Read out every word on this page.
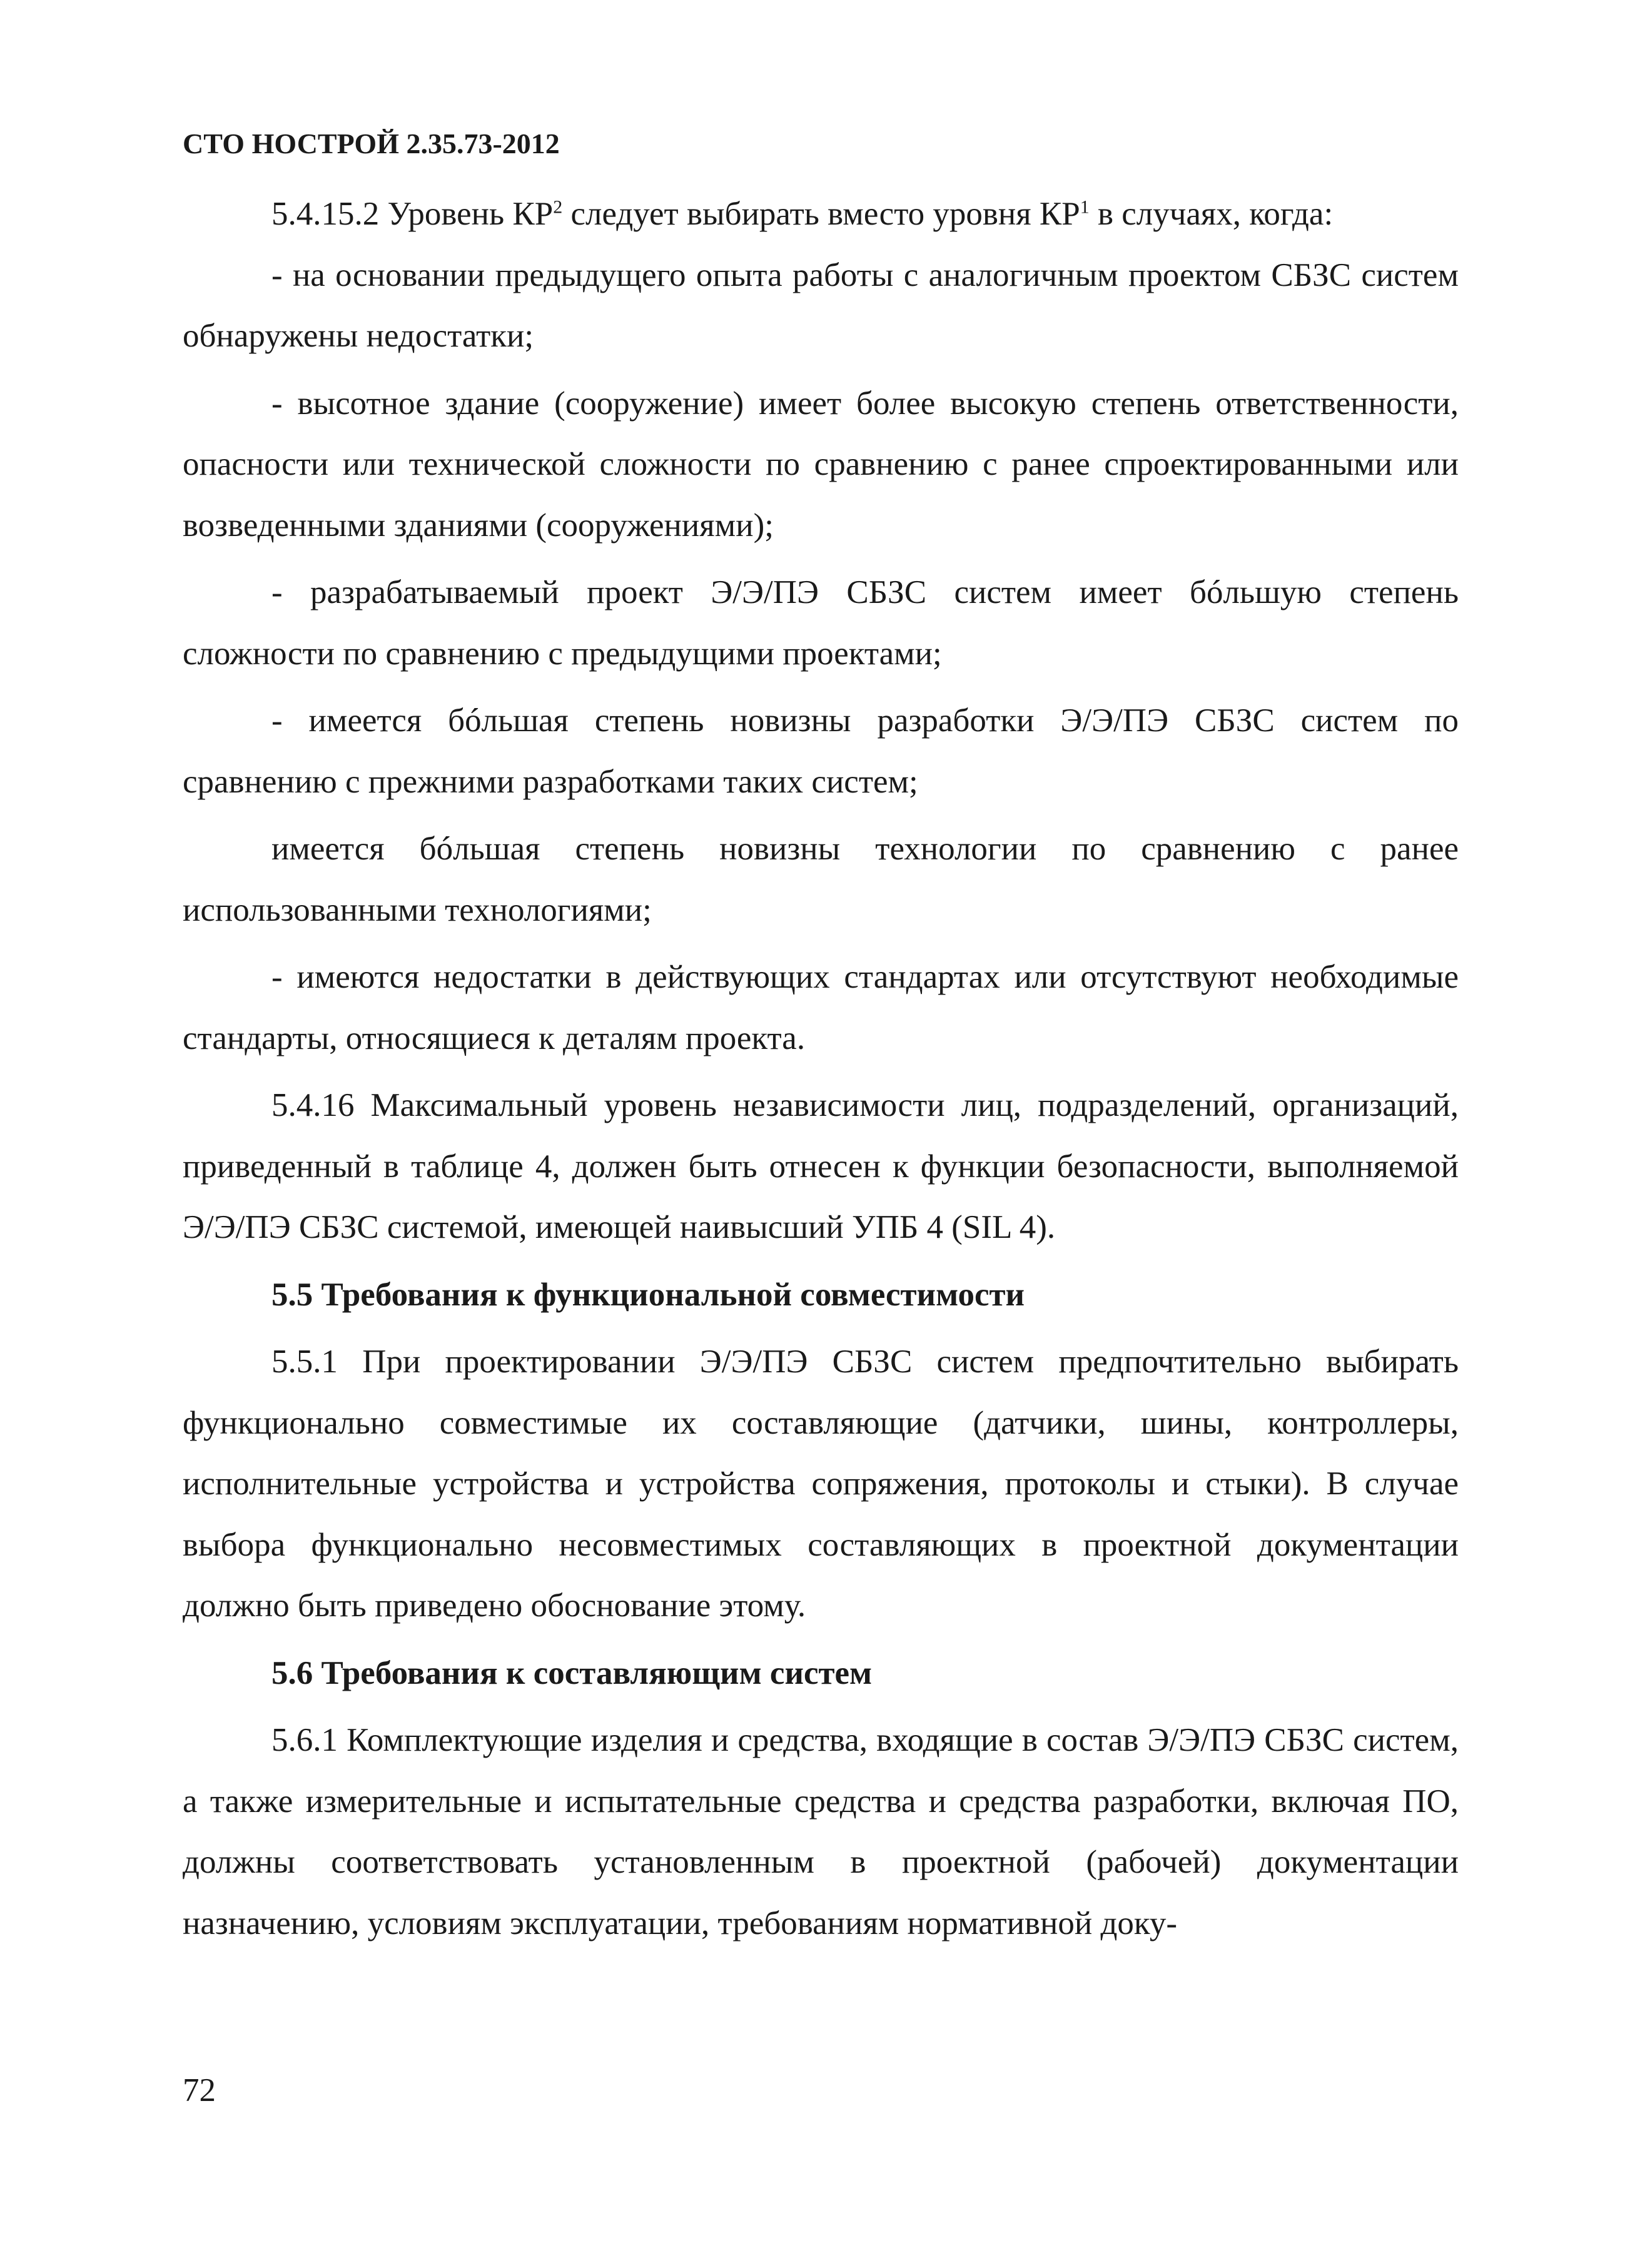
СТО НОСТРОЙ 2.35.73-2012

5.4.15.2 Уровень $КР^2$ следует выбирать вместо уровня $КР^1$ в случаях, когда:

- на основании предыдущего опыта работы с аналогичным проектом СБЗС систем обнаружены недостатки;

- высотное здание (сооружение) имеет более высокую степень ответственности, опасности или технической сложности по сравнению с ранее спроектированными или возведенными зданиями (сооружениями);

- разрабатываемый проект Э/Э/ПЭ СБЗС систем имеет бóльшую степень сложности по сравнению с предыдущими проектами;

- имеется бóльшая степень новизны разработки Э/Э/ПЭ СБЗС систем по сравнению с прежними разработками таких систем;

имеется бóльшая степень новизны технологии по сравнению с ранее использованными технологиями;

- имеются недостатки в действующих стандартах или отсутствуют необходимые стандарты, относящиеся к деталям проекта.

5.4.16 Максимальный уровень независимости лиц, подразделений, организаций, приведенный в таблице 4, должен быть отнесен к функции безопасности, выполняемой Э/Э/ПЭ СБЗС системой, имеющей наивысший УПБ 4 (SIL 4).

5.5 Требования к функциональной совместимости

5.5.1 При проектировании Э/Э/ПЭ СБЗС систем предпочтительно выбирать функционально совместимые их составляющие (датчики, шины, контроллеры, исполнительные устройства и устройства сопряжения, протоколы и стыки). В случае выбора функционально несовместимых составляющих в проектной документации должно быть приведено обоснование этому.

5.6 Требования к составляющим систем

5.6.1 Комплектующие изделия и средства, входящие в состав Э/Э/ПЭ СБЗС систем, а также измерительные и испытательные средства и средства разработки, включая ПО, должны соответствовать установленным в проектной (рабочей) документации назначению, условиям эксплуатации, требованиям нормативной доку-

72
